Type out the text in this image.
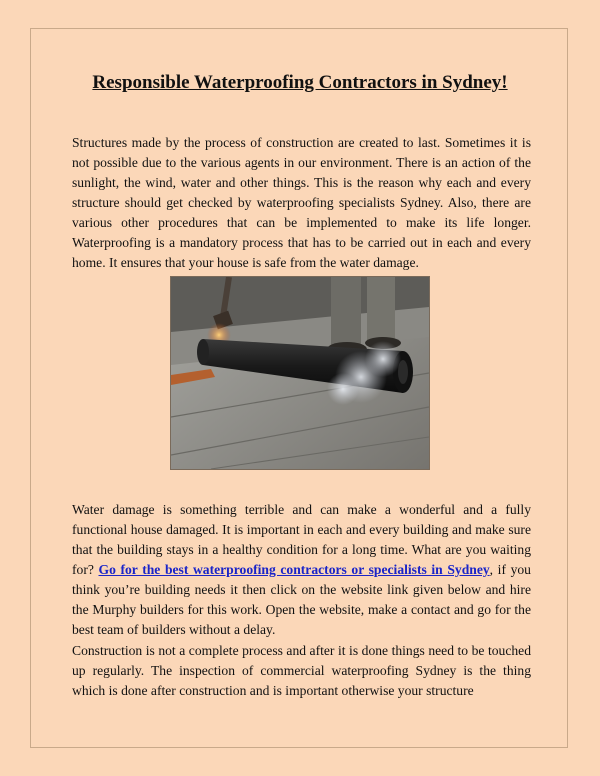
Responsible Waterproofing Contractors in Sydney!

Structures made by the process of construction are created to last. Sometimes it is not possible due to the various agents in our environment. There is an action of the sunlight, the wind, water and other things. This is the reason why each and every structure should get checked by waterproofing specialists Sydney. Also, there are various other procedures that can be implemented to make its life longer. Waterproofing is a mandatory process that has to be carried out in each and every home. It ensures that your house is safe from the water damage.

Water damage is something terrible and can make a wonderful and a fully functional house damaged. It is important in each and every building and make sure that the building stays in a healthy condition for a long time. What are you waiting for? Go for the best waterproofing contractors or specialists in Sydney, if you think you’re building needs it then click on the website link given below and hire the Murphy builders for this work. Open the website, make a contact and go for the best team of builders without a delay.

Construction is not a complete process and after it is done things need to be touched up regularly. The inspection of commercial waterproofing Sydney is the thing which is done after construction and is important otherwise your structure
